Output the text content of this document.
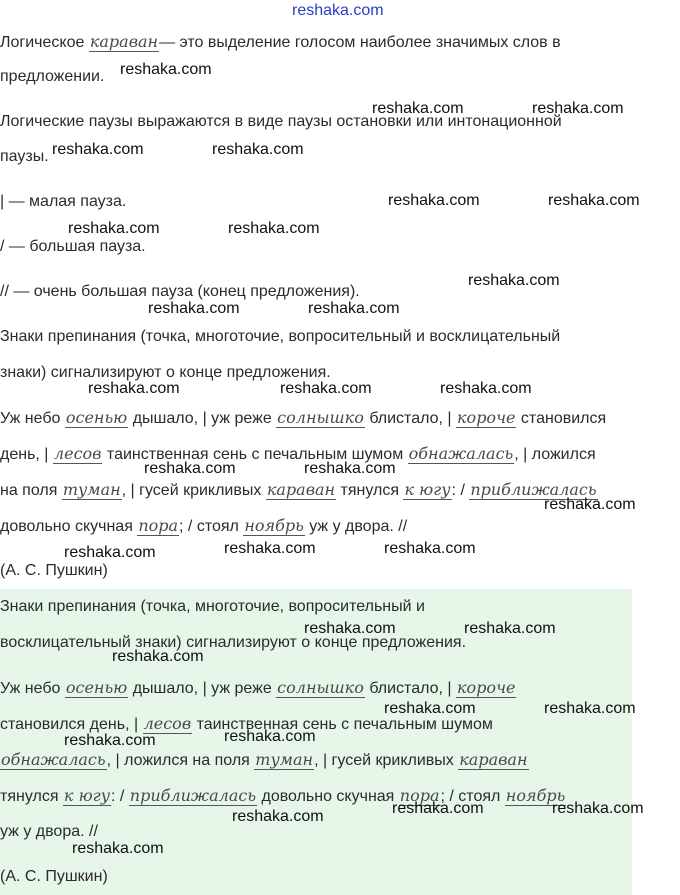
reshaka.com

Логическое караван— это выделение голосом наиболее значимых слов в

предложении.

Логические паузы выражаются в виде паузы остановки или интонационной

паузы.

| — малая пауза.

/ — большая пауза.

// — очень большая пауза (конец предложения).

Знаки препинания (точка, многоточие, вопросительный и восклицательный

знаки) сигнализируют о конце предложения.

Уж небо осенью дышало, | уж реже солнышко блистало, | короче становился

день, | лесов таинственная сень с печальным шумом обнажалась, | ложился

на поля туман, | гусей крикливых караван тянулся к югу: / приближалась

довольно скучная пора; / стоял ноябрь уж у двора. //

(А. С. Пушкин)

Знаки препинания (точка, многоточие, вопросительный и

восклицательный знаки) сигнализируют о конце предложения.

Уж небо осенью дышало, | уж реже солнышко блистало, | короче

становился день, | лесов таинственная сень с печальным шумом

обнажалась, | ложился на поля туман, | гусей крикливых караван

тянулся к югу: / приближалась довольно скучная пора; / стоял ноябрь

уж у двора. //

(А. С. Пушкин)

reshaka.com
reshaka.com	reshaka.com
reshaka.com	reshaka.com
reshaka.com	reshaka.com
reshaka.com	reshaka.com
reshaka.com
reshaka.com	reshaka.com
reshaka.com	reshaka.com	reshaka.com
reshaka.com	reshaka.com
reshaka.com
reshaka.com	reshaka.com	reshaka.com
reshaka.com	reshaka.com
reshaka.com
reshaka.com	reshaka.com
reshaka.com	reshaka.com
reshaka.com	reshaka.com
reshaka.com
reshaka.com
